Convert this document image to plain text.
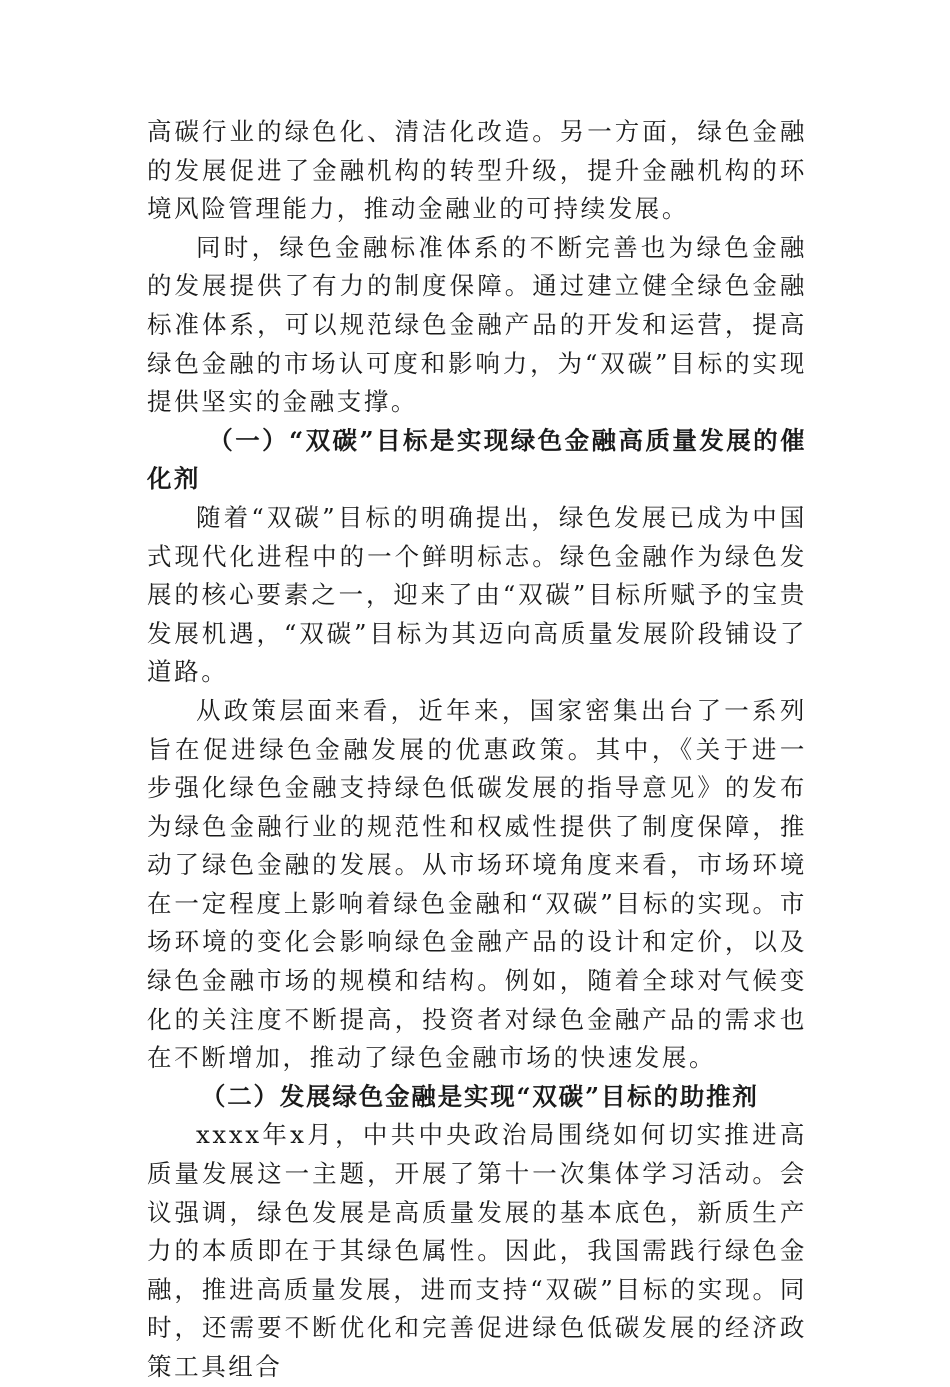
高碳行业的绿色化、清洁化改造。另一方面，绿色金融的发展促进了金融机构的转型升级，提升金融机构的环境风险管理能力，推动金融业的可持续发展。

同时，绿色金融标准体系的不断完善也为绿色金融的发展提供了有力的制度保障。通过建立健全绿色金融标准体系，可以规范绿色金融产品的开发和运营，提高绿色金融的市场认可度和影响力，为“双碳”目标的实现提供坚实的金融支撑。

（一）“双碳”目标是实现绿色金融高质量发展的催化剂

随着“双碳”目标的明确提出，绿色发展已成为中国式现代化进程中的一个鲜明标志。绿色金融作为绿色发展的核心要素之一，迎来了由“双碳”目标所赋予的宝贵发展机遇，“双碳”目标为其迈向高质量发展阶段铺设了道路。

从政策层面来看，近年来，国家密集出台了一系列旨在促进绿色金融发展的优惠政策。其中，《关于进一步强化绿色金融支持绿色低碳发展的指导意见》的发布为绿色金融行业的规范性和权威性提供了制度保障，推动了绿色金融的发展。从市场环境角度来看，市场环境在一定程度上影响着绿色金融和“双碳”目标的实现。市场环境的变化会影响绿色金融产品的设计和定价，以及绿色金融市场的规模和结构。例如，随着全球对气候变化的关注度不断提高，投资者对绿色金融产品的需求也在不断增加，推动了绿色金融市场的快速发展。

（二）发展绿色金融是实现“双碳”目标的助推剂

xxxx年x月，中共中央政治局围绕如何切实推进高质量发展这一主题，开展了第十一次集体学习活动。会议强调，绿色发展是高质量发展的基本底色，新质生产力的本质即在于其绿色属性。因此，我国需践行绿色金融，推进高质量发展，进而支持“双碳”目标的实现。同时，还需要不断优化和完善促进绿色低碳发展的经济政策工具组合
